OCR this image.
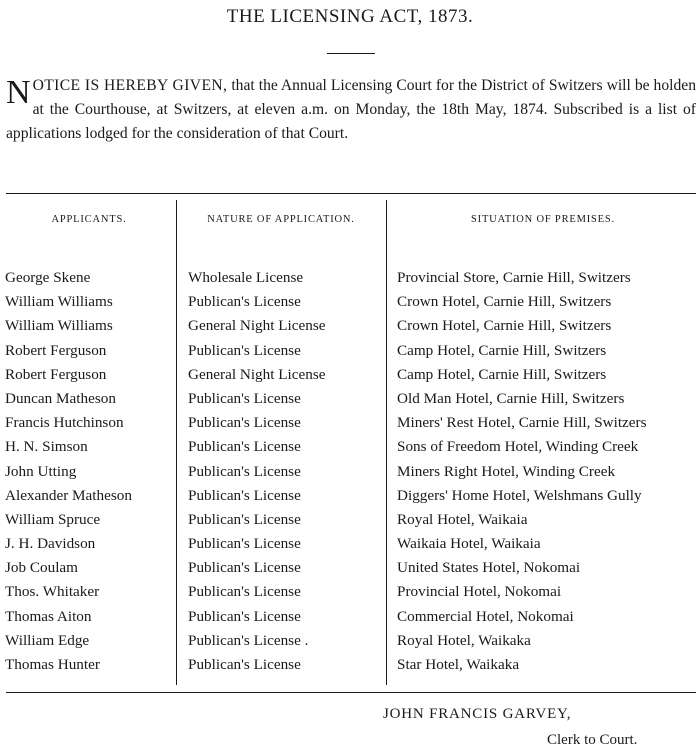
THE LICENSING ACT, 1873.
NOTICE IS HEREBY GIVEN, that the Annual Licensing Court for the District of Switzers will be holden at the Courthouse, at Switzers, at eleven a.m. on Monday, the 18th May, 1874. Subscribed is a list of applications lodged for the consideration of that Court.
APPLICANTS.	NATURE OF APPLICATION.	SITUATION OF PREMISES.
George Skene	Wholesale License	Provincial Store, Carnie Hill, Switzers
William Williams	Publican's License	Crown Hotel, Carnie Hill, Switzers
William Williams	General Night License	Crown Hotel, Carnie Hill, Switzers
Robert Ferguson	Publican's License	Camp Hotel, Carnie Hill, Switzers
Robert Ferguson	General Night License	Camp Hotel, Carnie Hill, Switzers
Duncan Matheson	Publican's License	Old Man Hotel, Carnie Hill, Switzers
Francis Hutchinson	Publican's License	Miners' Rest Hotel, Carnie Hill, Switzers
H. N. Simson	Publican's License	Sons of Freedom Hotel, Winding Creek
John Utting	Publican's License	Miners Right Hotel, Winding Creek
Alexander Matheson	Publican's License	Diggers' Home Hotel, Welshmans Gully
William Spruce	Publican's License	Royal Hotel, Waikaia
J. H. Davidson	Publican's License	Waikaia Hotel, Waikaia
Job Coulam	Publican's License	United States Hotel, Nokomai
Thos. Whitaker	Publican's License	Provincial Hotel, Nokomai
Thomas Aiton	Publican's License	Commercial Hotel, Nokomai
William Edge	Publican's License .	Royal Hotel, Waikaka
Thomas Hunter	Publican's License	Star Hotel, Waikaka
JOHN FRANCIS GARVEY,
Clerk to Court.
